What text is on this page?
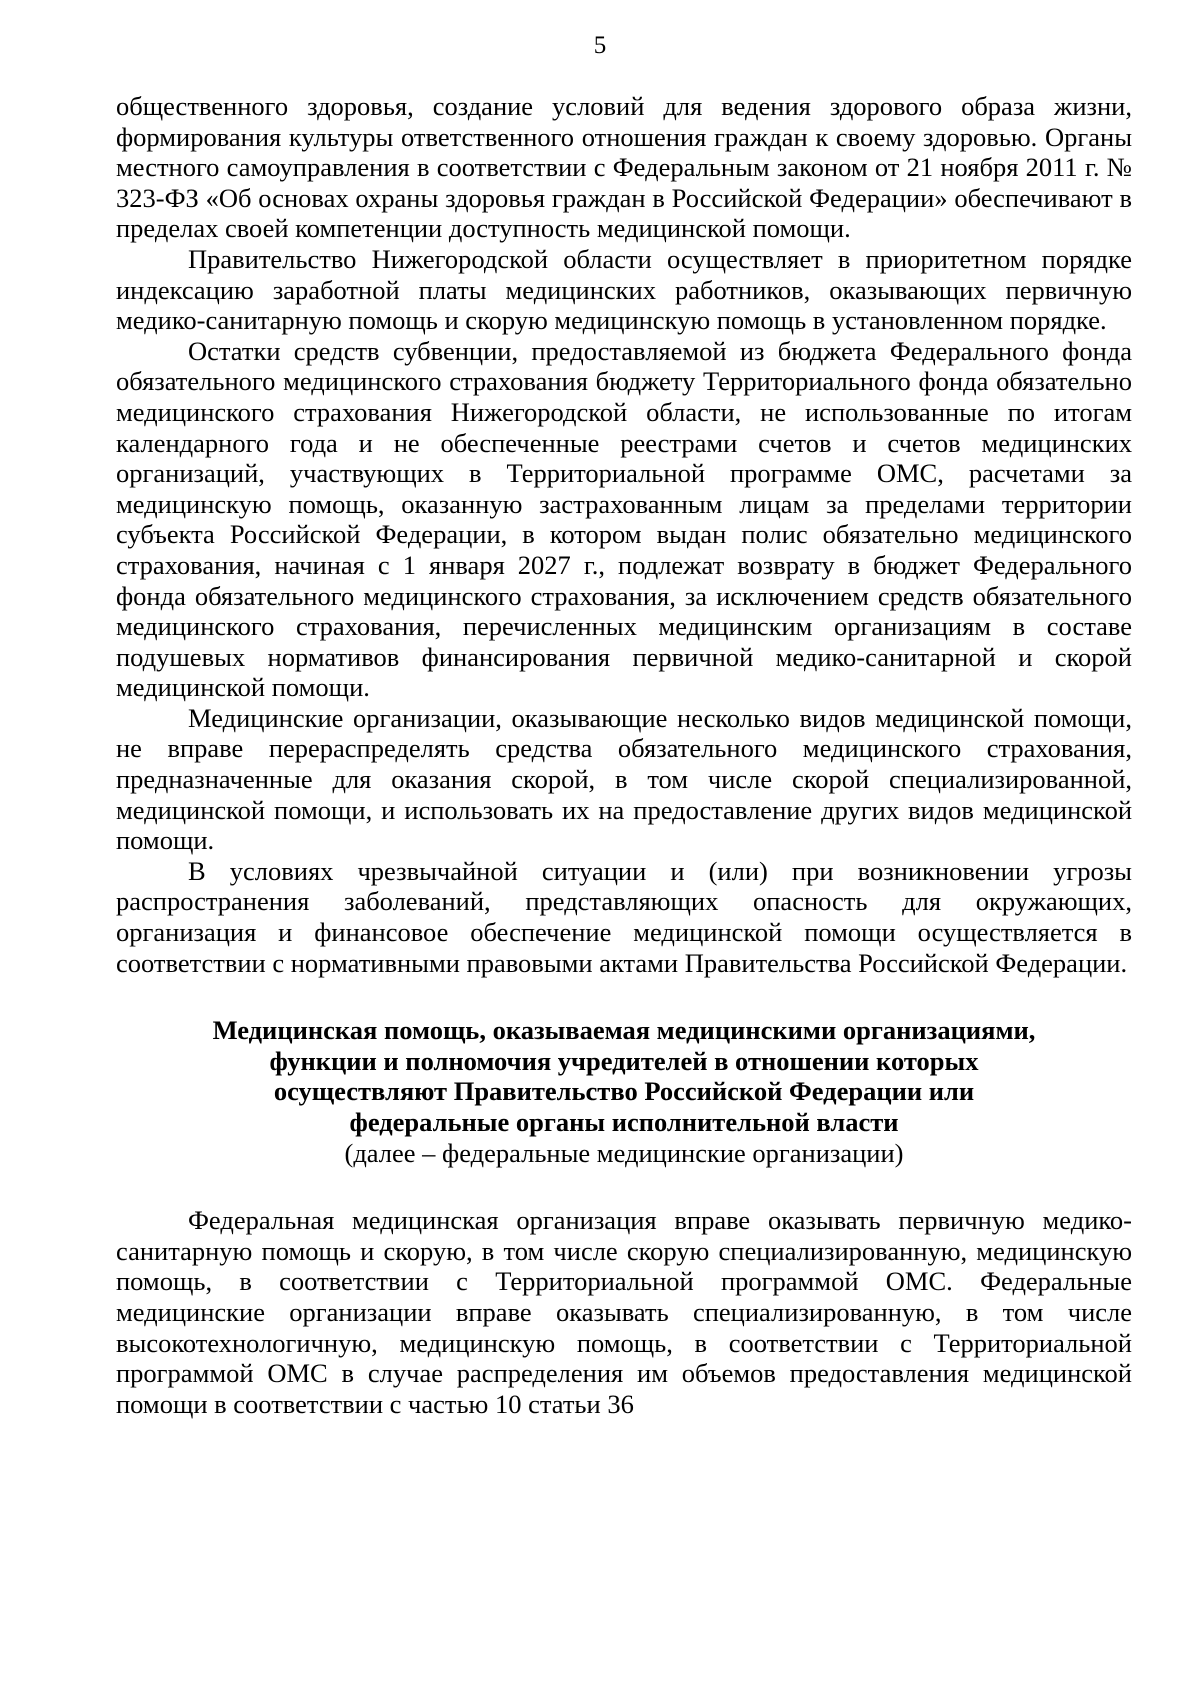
5

общественного здоровья, создание условий для ведения здорового образа жизни, формирования культуры ответственного отношения граждан к своему здоровью. Органы местного самоуправления в соответствии с Федеральным законом от 21 ноября 2011 г. № 323-ФЗ «Об основах охраны здоровья граждан в Российской Федерации» обеспечивают в пределах своей компетенции доступность медицинской помощи.

Правительство Нижегородской области осуществляет в приоритетном порядке индексацию заработной платы медицинских работников, оказывающих первичную медико-санитарную помощь и скорую медицинскую помощь в установленном порядке.

Остатки средств субвенции, предоставляемой из бюджета Федерального фонда обязательного медицинского страхования бюджету Территориального фонда обязательно медицинского страхования Нижегородской области, не использованные по итогам календарного года и не обеспеченные реестрами счетов и счетов медицинских организаций, участвующих в Территориальной программе ОМС, расчетами за медицинскую помощь, оказанную застрахованным лицам за пределами территории субъекта Российской Федерации, в котором выдан полис обязательно медицинского страхования, начиная с 1 января 2027 г., подлежат возврату в бюджет Федерального фонда обязательного медицинского страхования, за исключением средств обязательного медицинского страхования, перечисленных медицинским организациям в составе подушевых нормативов финансирования первичной медико-санитарной и скорой медицинской помощи.

Медицинские организации, оказывающие несколько видов медицинской помощи, не вправе перераспределять средства обязательного медицинского страхования, предназначенные для оказания скорой, в том числе скорой специализированной, медицинской помощи, и использовать их на предоставление других видов медицинской помощи.

В условиях чрезвычайной ситуации и (или) при возникновении угрозы распространения заболеваний, представляющих опасность для окружающих, организация и финансовое обеспечение медицинской помощи осуществляется в соответствии с нормативными правовыми актами Правительства Российской Федерации.

Медицинская помощь, оказываемая медицинскими организациями,
функции и полномочия учредителей в отношении которых
осуществляют Правительство Российской Федерации или
федеральные органы исполнительной власти
(далее – федеральные медицинские организации)

Федеральная медицинская организация вправе оказывать первичную медико-санитарную помощь и скорую, в том числе скорую специализированную, медицинскую помощь, в соответствии с Территориальной программой ОМС. Федеральные медицинские организации вправе оказывать специализированную, в том числе высокотехнологичную, медицинскую помощь, в соответствии с Территориальной программой ОМС в случае распределения им объемов предоставления медицинской помощи в соответствии с частью 10 статьи 36
